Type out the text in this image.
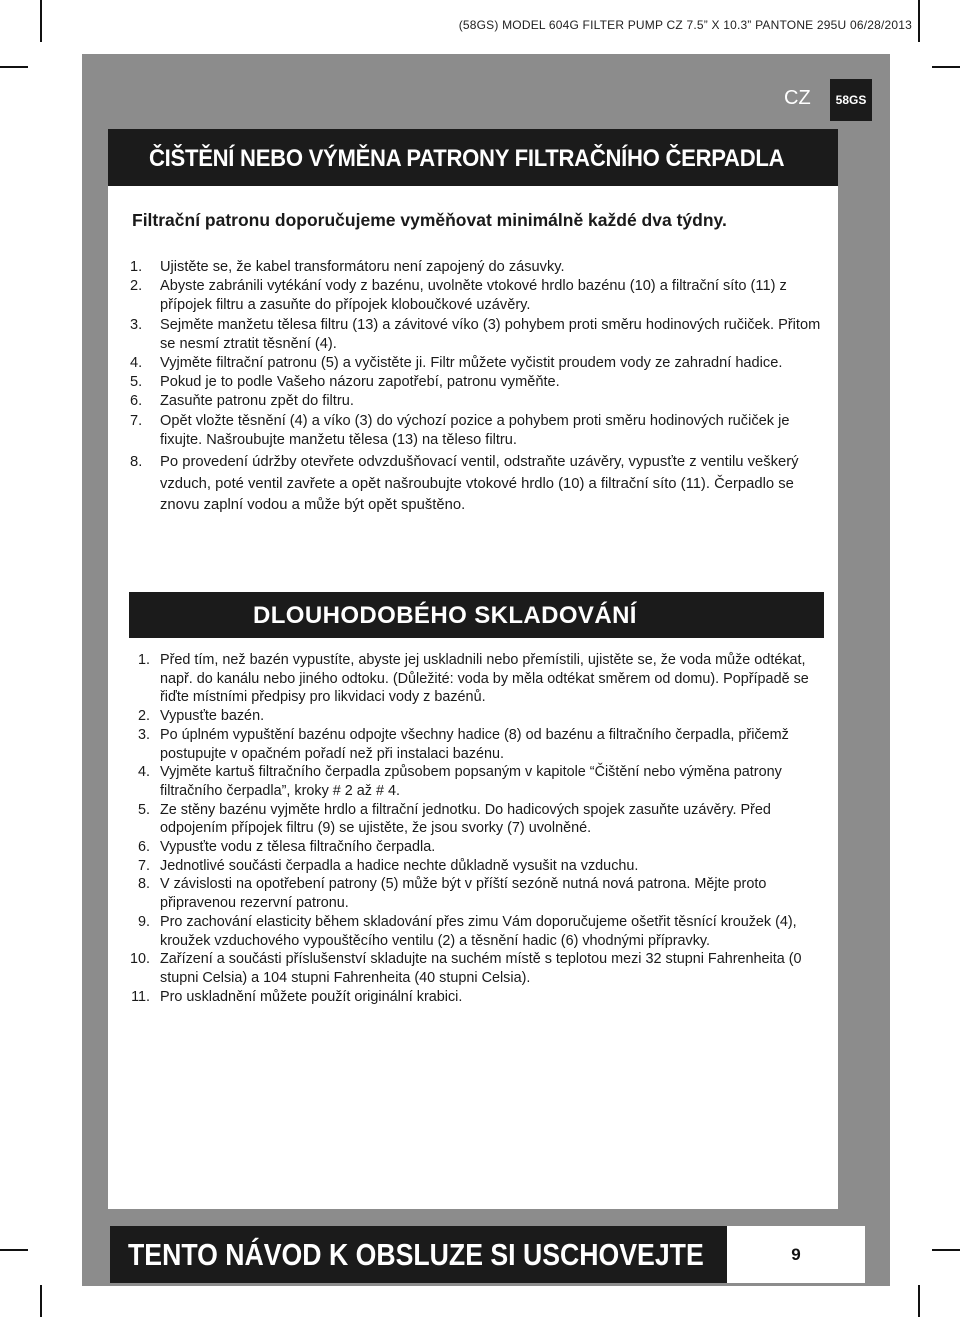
(58GS) MODEL 604G FILTER PUMP CZ 7.5” X 10.3” PANTONE 295U 06/28/2013
CZ	58GS
ČIŠTĚNÍ NEBO VÝMĚNA PATRONY FILTRAČNÍHO ČERPADLA
Filtrační patronu doporučujeme vyměňovat minimálně každé dva týdny.
1. Ujistěte se, že kabel transformátoru není zapojený do zásuvky.
2. Abyste zabránili vytékání vody z bazénu, uvolněte vtokové hrdlo bazénu (10) a filtrační síto (11) z přípojek filtru a zasuňte do přípojek kloboučkové uzávěry.
3. Sejměte manžetu tělesa filtru (13) a závitové víko (3) pohybem proti směru hodinových ručiček. Přitom se nesmí ztratit těsnění (4).
4. Vyjměte filtrační patronu (5) a vyčistěte ji. Filtr můžete vyčistit proudem vody ze zahradní hadice.
5. Pokud je to podle Vašeho názoru zapotřebí, patronu vyměňte.
6. Zasuňte patronu zpět do filtru.
7. Opět vložte těsnění (4) a víko (3) do výchozí pozice a pohybem proti směru hodinových ručiček je fixujte. Našroubujte manžetu tělesa (13) na těleso filtru.
8. Po provedení údržby otevřete odvzdušňovací ventil, odstraňte uzávěry, vypusťte z ventilu veškerý vzduch, poté ventil zavřete a opět našroubujte vtokové hrdlo (10) a filtrační síto (11). Čerpadlo se znovu zaplní vodou a může být opět spuštěno.
DLOUHODOBÉHO SKLADOVÁNÍ
1. Před tím, než bazén vypustíte, abyste jej uskladnili nebo přemístili, ujistěte se, že voda může odtékat, např. do kanálu nebo jiného odtoku. (Důležité: voda by měla odtékat směrem od domu). Popřípadě se řiďte místními předpisy pro likvidaci vody z bazénů.
2. Vypusťte bazén.
3. Po úplném vypuštění bazénu odpojte všechny hadice (8) od bazénu a filtračního čerpadla, přičemž postupujte v opačném pořadí než při instalaci bazénu.
4. Vyjměte kartuš filtračního čerpadla způsobem popsaným v kapitole “Čištění nebo výměna patrony filtračního čerpadla”, kroky # 2 až # 4.
5. Ze stěny bazénu vyjměte hrdlo a filtrační jednotku. Do hadicových spojek zasuňte uzávěry. Před odpojením přípojek filtru (9) se ujistěte, že jsou svorky (7) uvolněné.
6. Vypusťte vodu z tělesa filtračního čerpadla.
7. Jednotlivé součásti čerpadla a hadice nechte důkladně vysušit na vzduchu.
8. V závislosti na opotřebení patrony (5) může být v příští sezóně nutná nová patrona. Mějte proto připravenou rezervní patronu.
9. Pro zachování elasticity během skladování přes zimu Vám doporučujeme ošetřit těsnící kroužek (4), kroužek vzduchového vypouštěcího ventilu (2) a těsnění hadic (6) vhodnými přípravky.
10. Zařízení a součásti příslušenství skladujte na suchém místě s teplotou mezi 32 stupni Fahrenheita (0 stupni Celsia) a 104 stupni Fahrenheita (40 stupni Celsia).
11. Pro uskladnění můžete použít originální krabici.
TENTO NÁVOD K OBSLUZE SI USCHOVEJTE	9
